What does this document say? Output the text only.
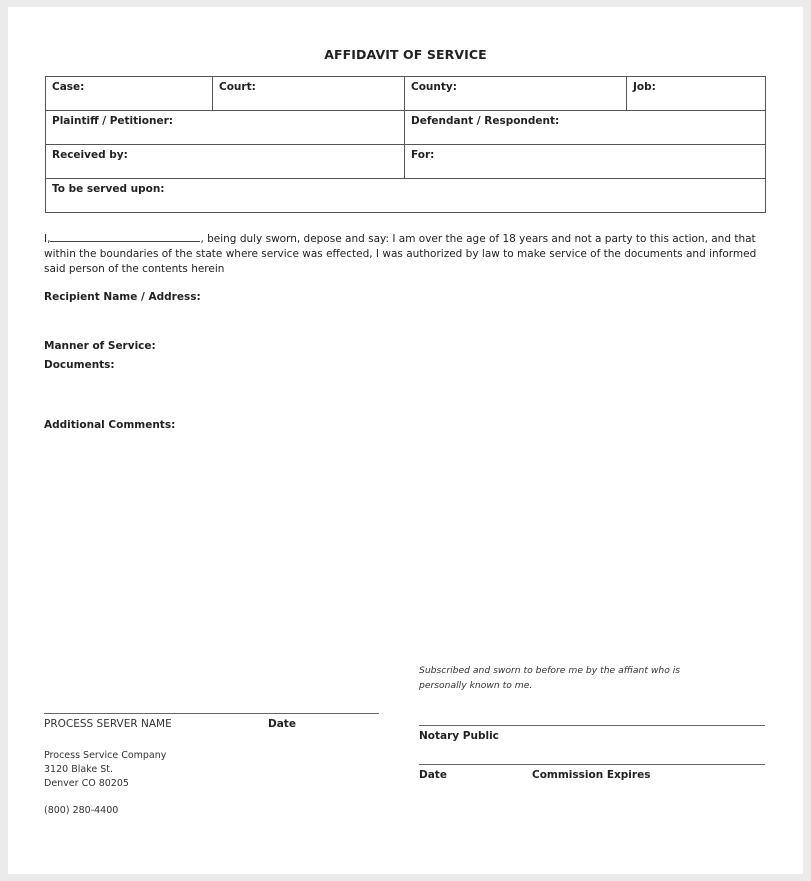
AFFIDAVIT OF SERVICE
Case:	Court:	County:	Job:
Plaintiff / Petitioner:		Defendant / Respondent:	
Received by:		For:	
To be served upon:			
I,	, being duly sworn, depose and say: I am over the age of 18 years and not a party to this action, and that within the boundaries of the state where service was effected, I was authorized by law to make service of the documents and informed said person of the contents herein
Recipient Name / Address:
Manner of Service:
Documents:
Additional Comments:
Subscribed and sworn to before me by the affiant who is personally known to me.
PROCESS SERVER NAME	Date
Notary Public
Date	Commission Expires
Process Service Company
3120 Blake St.
Denver CO 80205
(800) 280-4400
